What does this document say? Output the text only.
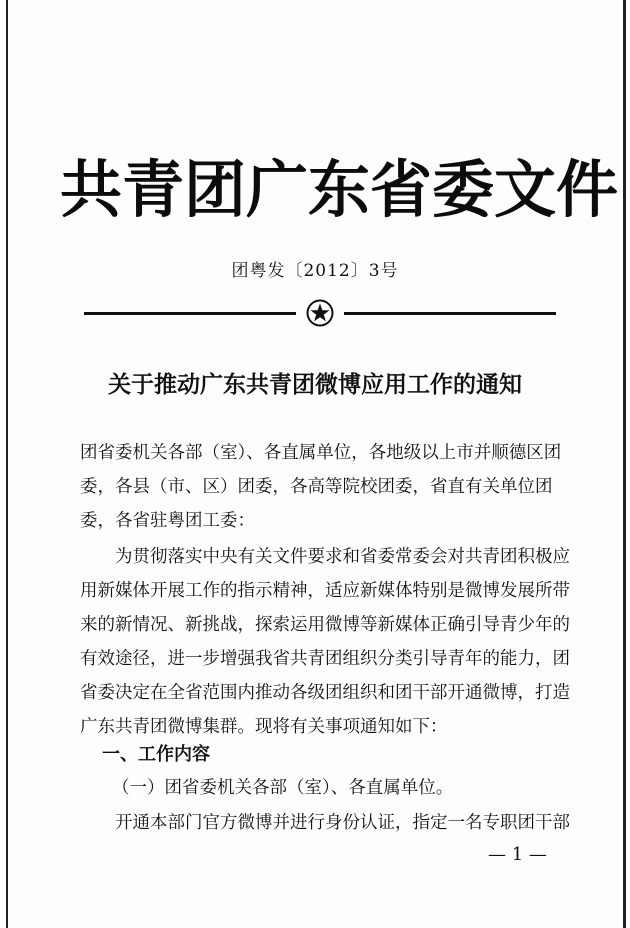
共青团广东省委文件
团粤发〔2012〕3号
关于推动广东共青团微博应用工作的通知
团省委机关各部（室）、各直属单位，各地级以上市并顺德区团
委，各县（市、区）团委，各高等院校团委，省直有关单位团
委，各省驻粤团工委：
　　为贯彻落实中央有关文件要求和省委常委会对共青团积极应
用新媒体开展工作的指示精神，适应新媒体特别是微博发展所带
来的新情况、新挑战，探索运用微博等新媒体正确引导青少年的
有效途径，进一步增强我省共青团组织分类引导青年的能力，团
省委决定在全省范围内推动各级团组织和团干部开通微博，打造
广东共青团微博集群。现将有关事项通知如下：
一、工作内容
（一）团省委机关各部（室）、各直属单位。
　　开通本部门官方微博并进行身份认证，指定一名专职团干部
— 1 —
